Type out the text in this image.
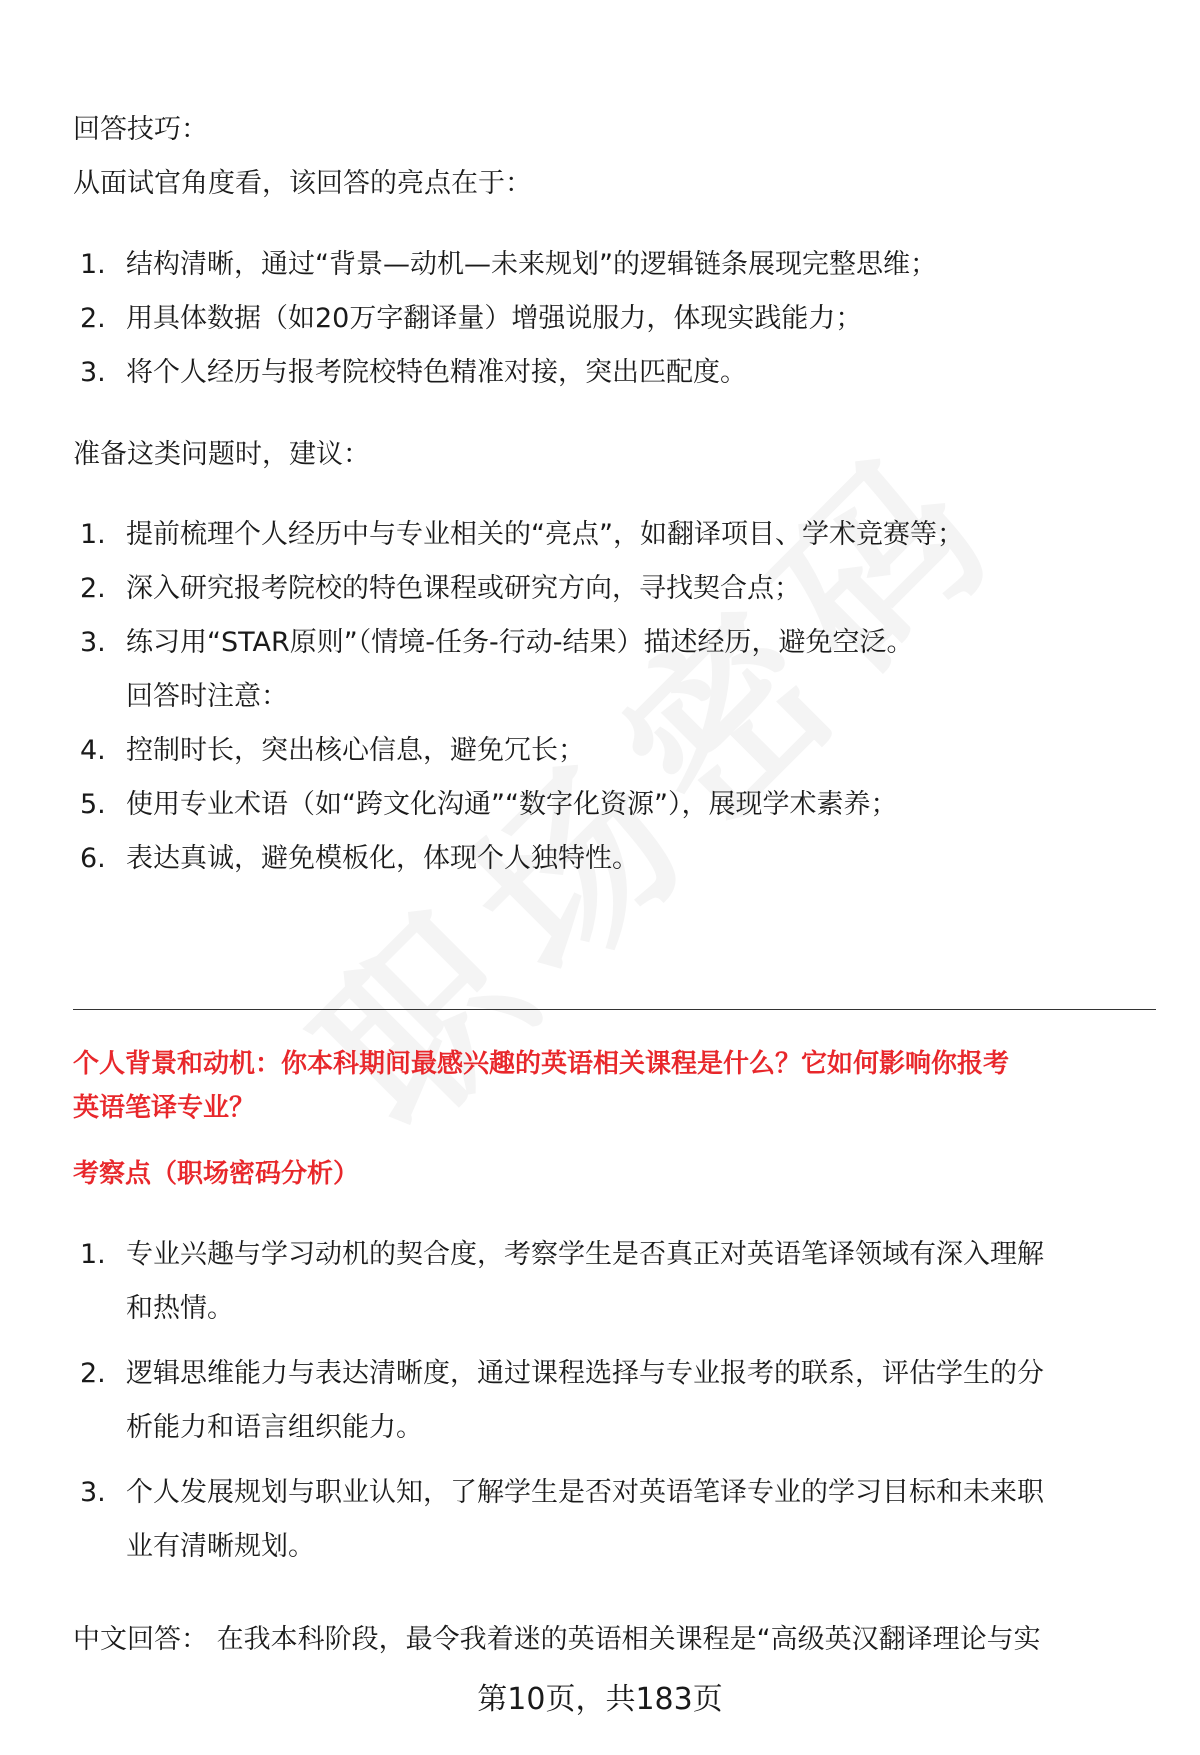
回答技巧：
从面试官角度看，该回答的亮点在于：
1. 结构清晰，通过“背景—动机—未来规划”的逻辑链条展现完整思维；
2. 用具体数据（如20万字翻译量）增强说服力，体现实践能力；
3. 将个人经历与报考院校特色精准对接，突出匹配度。
准备这类问题时，建议：
1. 提前梳理个人经历中与专业相关的“亮点”，如翻译项目、学术竞赛等；
2. 深入研究报考院校的特色课程或研究方向，寻找契合点；
3. 练习用“STAR原则”（情境-任务-行动-结果）描述经历，避免空泛。
回答时注意：
4. 控制时长，突出核心信息，避免冗长；
5. 使用专业术语（如“跨文化沟通”“数字化资源”），展现学术素养；
6. 表达真诚，避免模板化，体现个人独特性。
个人背景和动机：你本科期间最感兴趣的英语相关课程是什么？它如何影响你报考
英语笔译专业？
考察点（职场密码分析）
1. 专业兴趣与学习动机的契合度，考察学生是否真正对英语笔译领域有深入理解
和热情。
2. 逻辑思维能力与表达清晰度，通过课程选择与专业报考的联系，评估学生的分
析能力和语言组织能力。
3. 个人发展规划与职业认知，了解学生是否对英语笔译专业的学习目标和未来职
业有清晰规划。
中文回答： 在我本科阶段，最令我着迷的英语相关课程是“高级英汉翻译理论与实
第10页，共183页
